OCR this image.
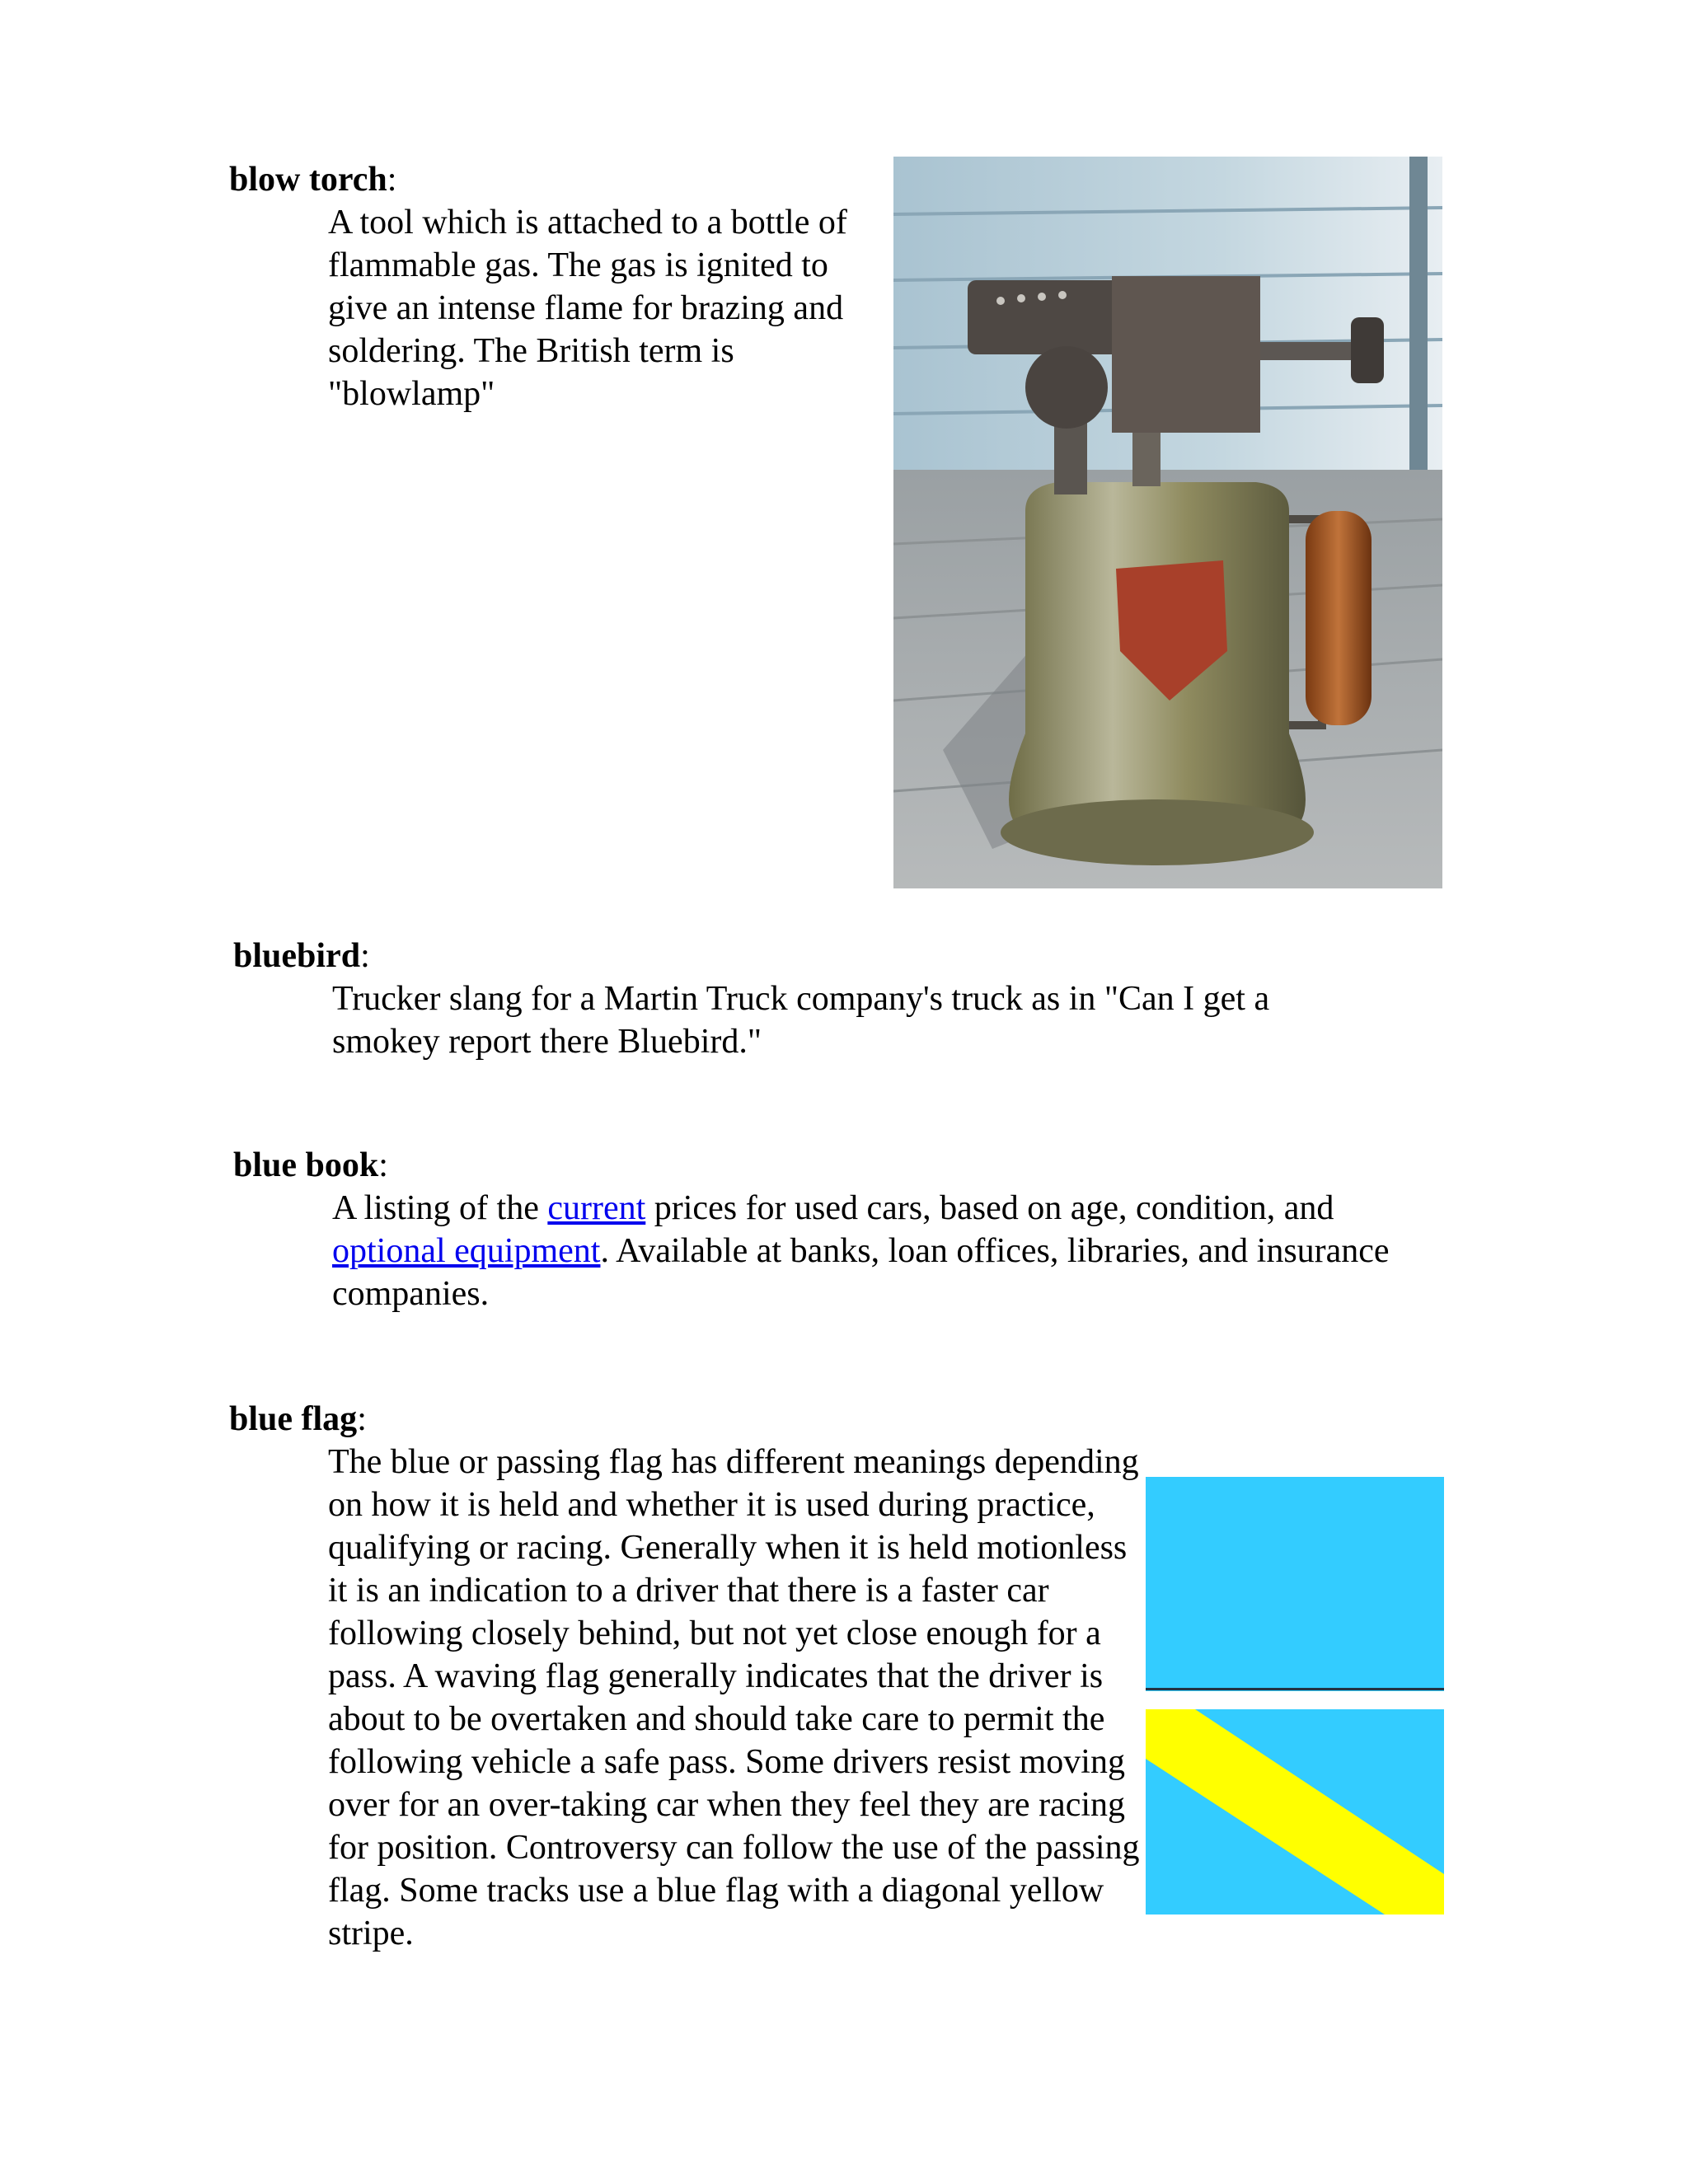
blow torch:

A tool which is attached to a bottle of flammable gas. The gas is ignited to give an intense flame for brazing and soldering. The British term is "blowlamp"

bluebird:

Trucker slang for a Martin Truck company's truck as in "Can I get a smokey report there Bluebird."

blue book:

A listing of the current prices for used cars, based on age, condition, and optional equipment. Available at banks, loan offices, libraries, and insurance companies.

blue flag:

The blue or passing flag has different meanings depending on how it is held and whether it is used during practice, qualifying or racing. Generally when it is held motionless it is an indication to a driver that there is a faster car following closely behind, but not yet close enough for a pass. A waving flag generally indicates that the driver is about to be overtaken and should take care to permit the following vehicle a safe pass. Some drivers resist moving over for an over-taking car when they feel they are racing for position. Controversy can follow the use of the passing flag. Some tracks use a blue flag with a diagonal yellow stripe.
